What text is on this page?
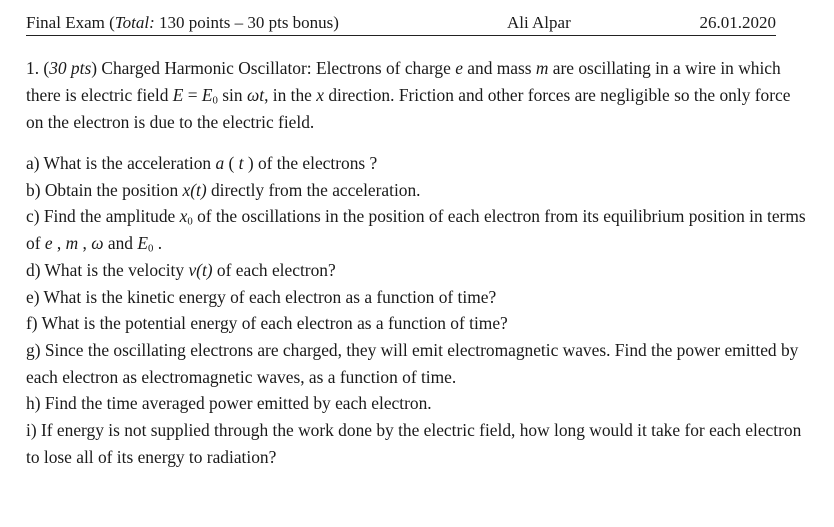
Final Exam (Total: 130 points – 30 pts bonus)	Ali Alpar	26.01.2020

1. (30 pts) Charged Harmonic Oscillator: Electrons of charge e and mass m are oscillating in a wire in which there is electric field $E = E_0$ sin ωt, in the x direction. Friction and other forces are negligible so the only force on the electron is due to the electric field.

a) What is the acceleration a ( t ) of the electrons ?

b) Obtain the position x(t) directly from the acceleration.

c) Find the amplitude $x_0$ of the oscillations in the position of each electron from its equilibrium position in terms of e , m , ω and $E_0$ .

d) What is the velocity v(t) of each electron?

e) What is the kinetic energy of each electron as a function of time?

f) What is the potential energy of each electron as a function of time?

g) Since the oscillating electrons are charged, they will emit electromagnetic waves. Find the power emitted by each electron as electromagnetic waves, as a function of time.

h) Find the time averaged power emitted by each electron.

i) If energy is not supplied through the work done by the electric field, how long would it take for each electron to lose all of its energy to radiation?
